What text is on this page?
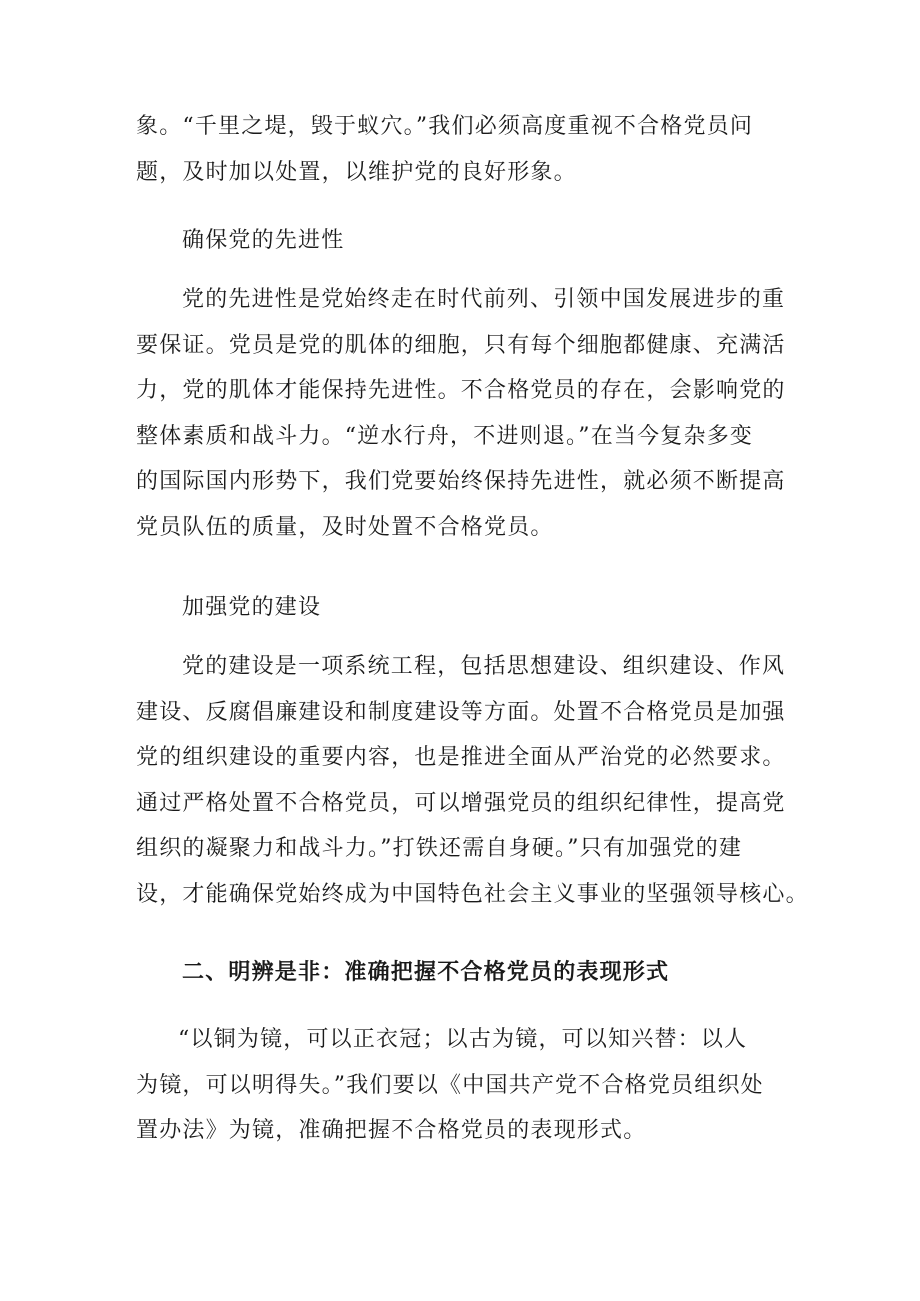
象。“千里之堤，毁于蚁穴。”我们必须高度重视不合格党员问
题，及时加以处置，以维护党的良好形象。

确保党的先进性

党的先进性是党始终走在时代前列、引领中国发展进步的重
要保证。党员是党的肌体的细胞，只有每个细胞都健康、充满活
力，党的肌体才能保持先进性。不合格党员的存在，会影响党的
整体素质和战斗力。“逆水行舟，不进则退。”在当今复杂多变
的国际国内形势下，我们党要始终保持先进性，就必须不断提高
党员队伍的质量，及时处置不合格党员。

加强党的建设

党的建设是一项系统工程，包括思想建设、组织建设、作风
建设、反腐倡廉建设和制度建设等方面。处置不合格党员是加强
党的组织建设的重要内容，也是推进全面从严治党的必然要求。
通过严格处置不合格党员，可以增强党员的组织纪律性，提高党
组织的凝聚力和战斗力。”打铁还需自身硬。”只有加强党的建
设，才能确保党始终成为中国特色社会主义事业的坚强领导核心。

二、明辨是非：准确把握不合格党员的表现形式

“以铜为镜，可以正衣冠；以古为镜，可以知兴替：以人
为镜，可以明得失。”我们要以《中国共产党不合格党员组织处
置办法》为镜，准确把握不合格党员的表现形式。
